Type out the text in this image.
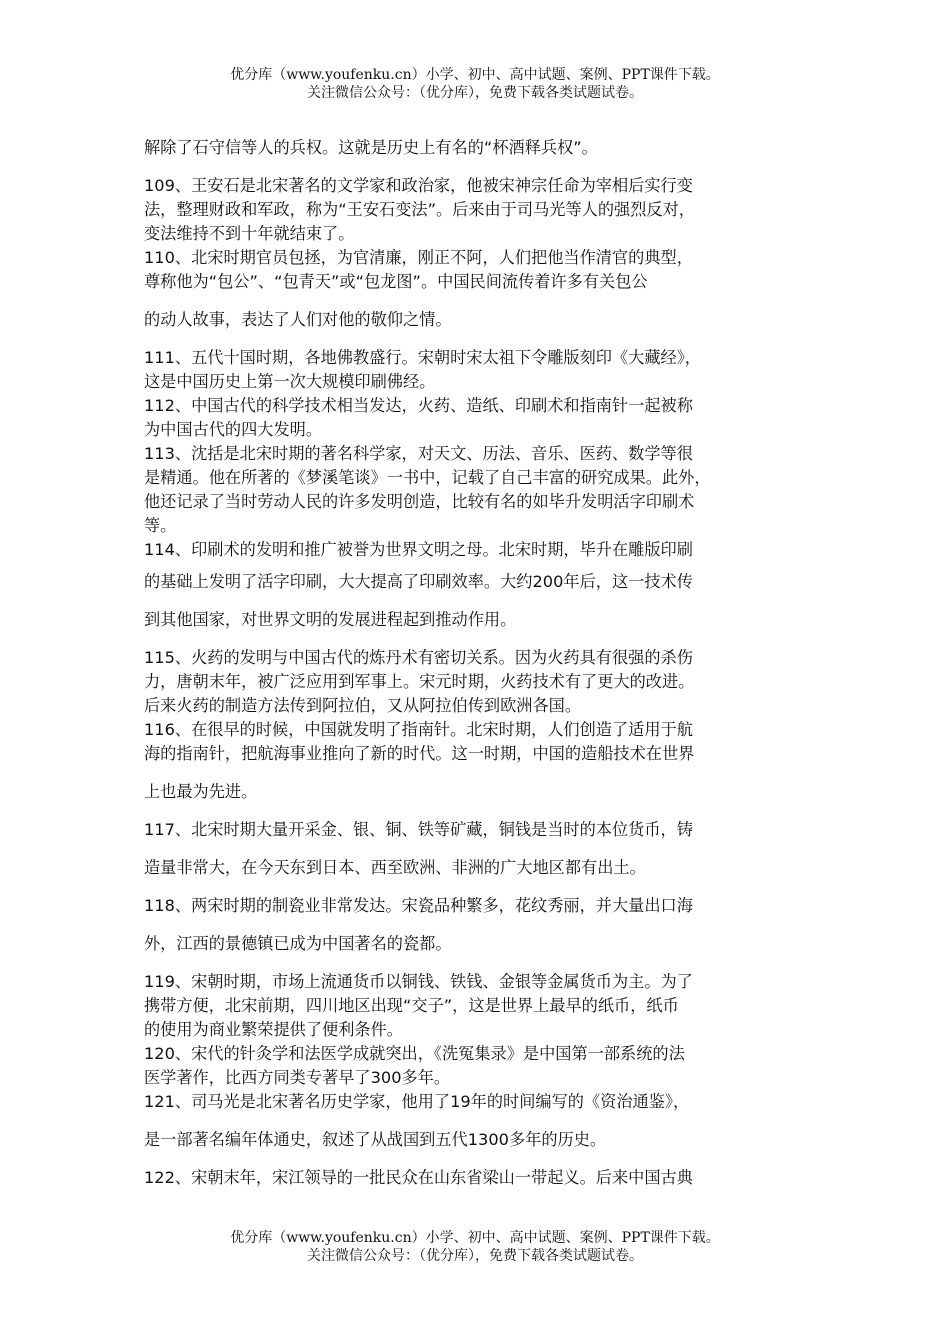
优分库（www.youfenku.cn）小学、初中、高中试题、案例、PPT课件下载。
关注微信公众号：（优分库），免费下载各类试题试卷。

解除了石守信等人的兵权。这就是历史上有名的“杯酒释兵权”。

109、王安石是北宋著名的文学家和政治家，他被宋神宗任命为宰相后实行变
法，整理财政和军政，称为“王安石变法”。后来由于司马光等人的强烈反对，
变法维持不到十年就结束了。

110、北宋时期官员包拯，为官清廉，刚正不阿，人们把他当作清官的典型，
尊称他为“包公”、“包青天”或“包龙图”。中国民间流传着许多有关包公
的动人故事，表达了人们对他的敬仰之情。

111、五代十国时期，各地佛教盛行。宋朝时宋太祖下令雕版刻印《大藏经》，
这是中国历史上第一次大规模印刷佛经。

112、中国古代的科学技术相当发达，火药、造纸、印刷术和指南针一起被称
为中国古代的四大发明。

113、沈括是北宋时期的著名科学家，对天文、历法、音乐、医药、数学等很
是精通。他在所著的《梦溪笔谈》一书中，记载了自己丰富的研究成果。此外，
他还记录了当时劳动人民的许多发明创造，比较有名的如毕升发明活字印刷术
等。

114、印刷术的发明和推广被誉为世界文明之母。北宋时期，毕升在雕版印刷
的基础上发明了活字印刷，大大提高了印刷效率。大约200年后，这一技术传
到其他国家，对世界文明的发展进程起到推动作用。

115、火药的发明与中国古代的炼丹术有密切关系。因为火药具有很强的杀伤
力，唐朝末年，被广泛应用到军事上。宋元时期，火药技术有了更大的改进。
后来火药的制造方法传到阿拉伯，又从阿拉伯传到欧洲各国。

116、在很早的时候，中国就发明了指南针。北宋时期，人们创造了适用于航
海的指南针，把航海事业推向了新的时代。这一时期，中国的造船技术在世界
上也最为先进。

117、北宋时期大量开采金、银、铜、铁等矿藏，铜钱是当时的本位货币，铸
造量非常大，在今天东到日本、西至欧洲、非洲的广大地区都有出土。

118、两宋时期的制瓷业非常发达。宋瓷品种繁多，花纹秀丽，并大量出口海
外，江西的景德镇已成为中国著名的瓷都。

119、宋朝时期，市场上流通货币以铜钱、铁钱、金银等金属货币为主。为了
携带方便，北宋前期，四川地区出现“交子”，这是世界上最早的纸币，纸币
的使用为商业繁荣提供了便利条件。

120、宋代的针灸学和法医学成就突出，《洗冤集录》是中国第一部系统的法
医学著作，比西方同类专著早了300多年。

121、司马光是北宋著名历史学家，他用了19年的时间编写的《资治通鉴》，
是一部著名编年体通史，叙述了从战国到五代1300多年的历史。

122、宋朝末年，宋江领导的一批民众在山东省梁山一带起义。后来中国古典

优分库（www.youfenku.cn）小学、初中、高中试题、案例、PPT课件下载。
关注微信公众号：（优分库），免费下载各类试题试卷。
